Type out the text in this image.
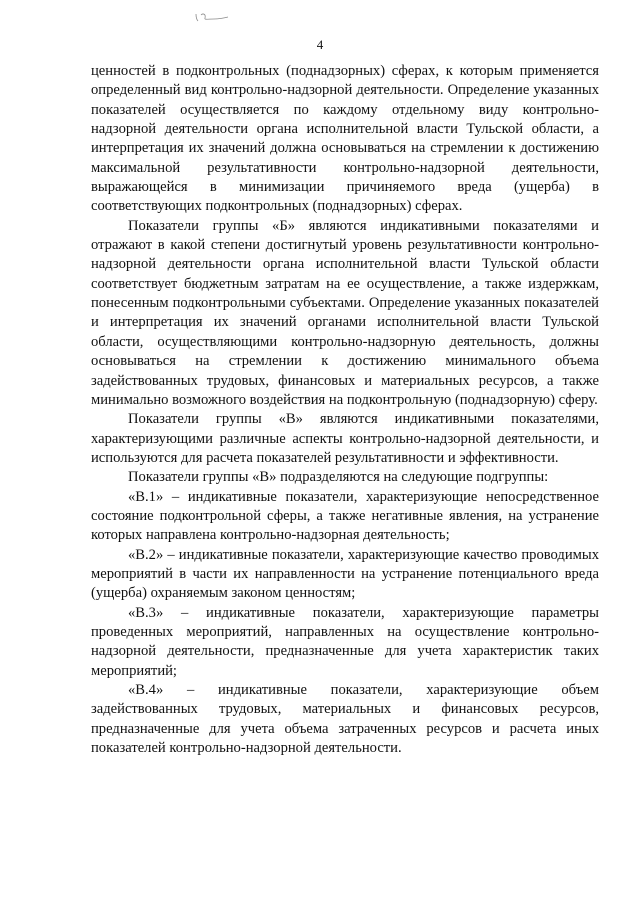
4

ценностей в подконтрольных (поднадзорных) сферах, к которым применяется определенный вид контрольно-надзорной деятельности. Определение указанных показателей осуществляется по каждому отдельному виду контрольно-надзорной деятельности органа исполнительной власти Тульской области, а интерпретация их значений должна основываться на стремлении к достижению максимальной результативности контрольно-надзорной деятельности, выражающейся в минимизации причиняемого вреда (ущерба) в соответствующих подконтрольных (поднадзорных) сферах.

Показатели группы «Б» являются индикативными показателями и отражают в какой степени достигнутый уровень результативности контрольно-надзорной деятельности органа исполнительной власти Тульской области соответствует бюджетным затратам на ее осуществление, а также издержкам, понесенным подконтрольными субъектами. Определение указанных показателей и интерпретация их значений органами исполнительной власти Тульской области, осуществляющими контрольно-надзорную деятельность, должны основываться на стремлении к достижению минимального объема задействованных трудовых, финансовых и материальных ресурсов, а также минимально возможного воздействия на подконтрольную (поднадзорную) сферу.

Показатели группы «В» являются индикативными показателями, характеризующими различные аспекты контрольно-надзорной деятельности, и используются для расчета показателей результативности и эффективности.

Показатели группы «В» подразделяются на следующие подгруппы:

«В.1» – индикативные показатели, характеризующие непосредственное состояние подконтрольной сферы, а также негативные явления, на устранение которых направлена контрольно-надзорная деятельность;

«В.2» – индикативные показатели, характеризующие качество проводимых мероприятий в части их направленности на устранение потенциального вреда (ущерба) охраняемым законом ценностям;

«В.3» – индикативные показатели, характеризующие параметры проведенных мероприятий, направленных на осуществление контрольно-надзорной деятельности, предназначенные для учета характеристик таких мероприятий;

«В.4» – индикативные показатели, характеризующие объем задействованных трудовых, материальных и финансовых ресурсов, предназначенные для учета объема затраченных ресурсов и расчета иных показателей контрольно-надзорной деятельности.
